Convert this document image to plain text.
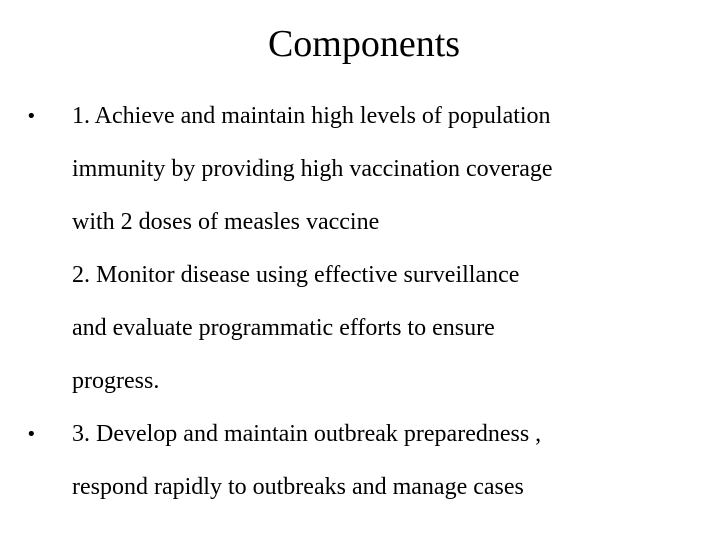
Components
•	1. Achieve and maintain high levels of population
immunity by providing high vaccination coverage
with 2 doses of measles vaccine
2. Monitor disease using effective surveillance
and evaluate programmatic efforts to ensure
progress.
•	3. Develop and maintain outbreak preparedness ,
respond rapidly to outbreaks and manage cases
